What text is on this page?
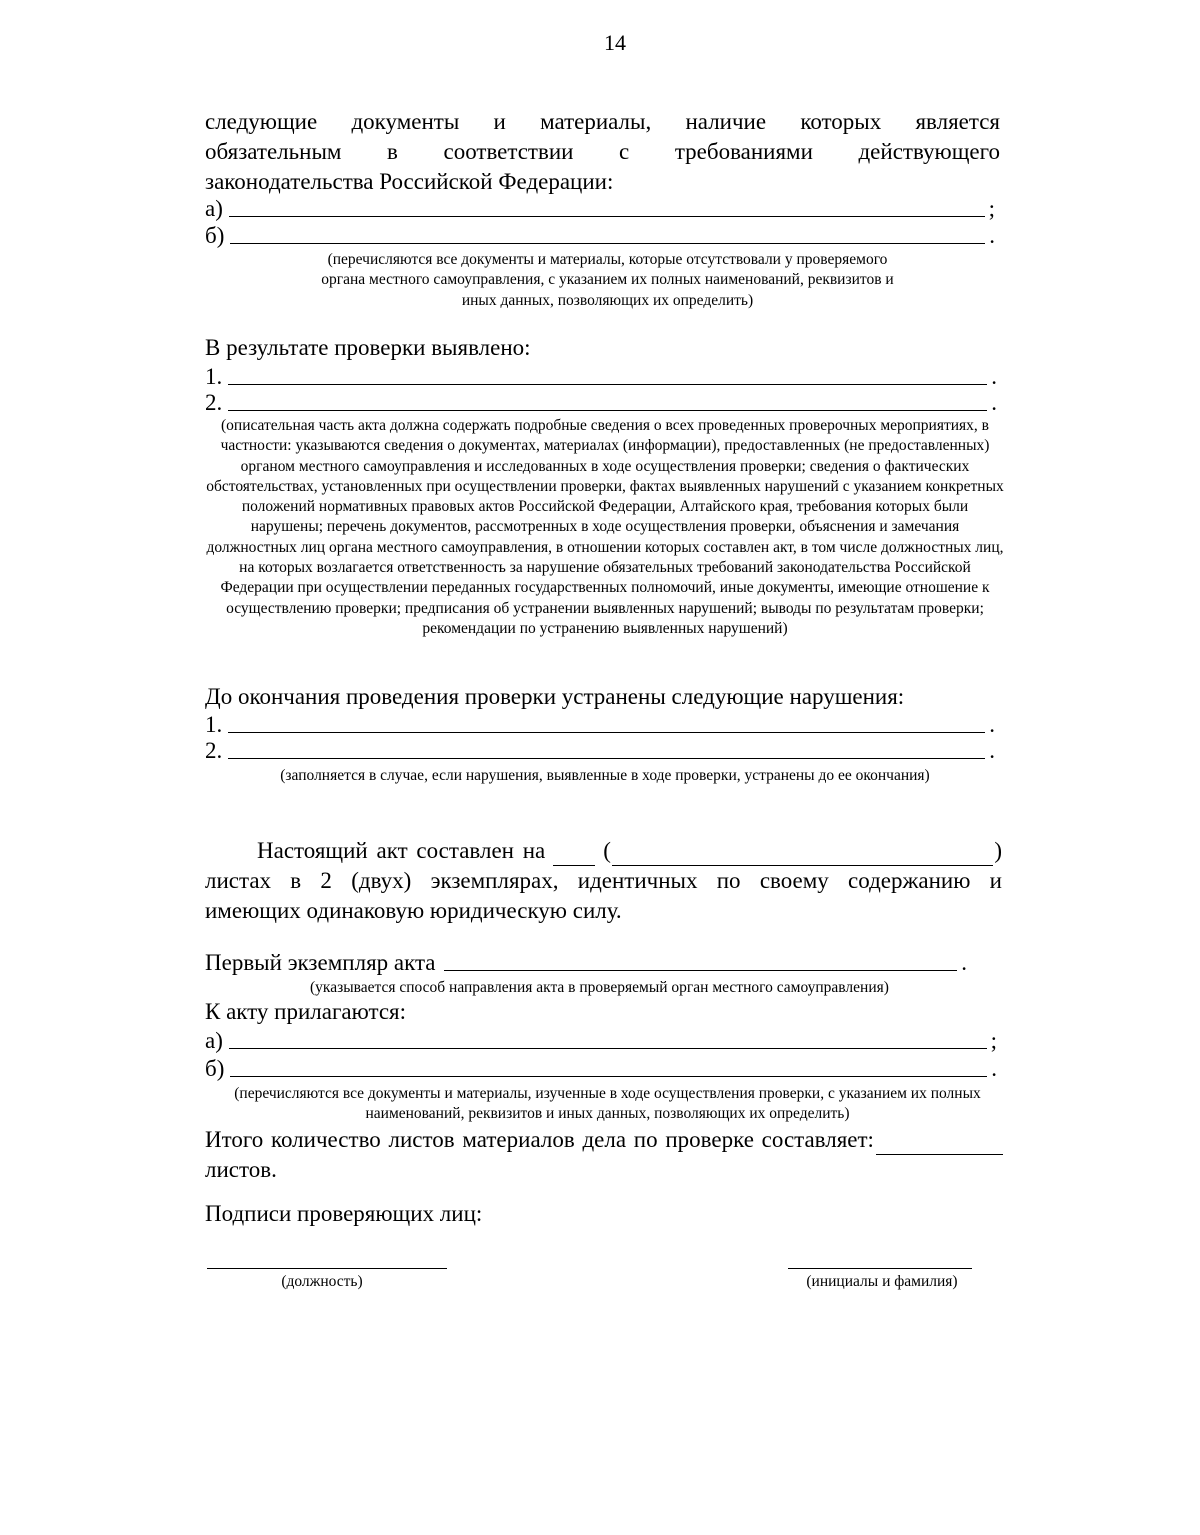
14
следующие документы и материалы, наличие которых является
обязательным в соответствии с требованиями действующего
законодательства Российской Федерации:
а)	;
б)	.
(перечисляются все документы и материалы, которые отсутствовали у проверяемого органа местного самоуправления, с указанием их полных наименований, реквизитов и иных данных, позволяющих их определить)
В результате проверки выявлено:
1.	.
2.	.
(описательная часть акта должна содержать подробные сведения о всех проведенных проверочных мероприятиях, в частности: указываются сведения о документах, материалах (информации), предоставленных (не предоставленных) органом местного самоуправления и исследованных в ходе осуществления проверки; сведения о фактических обстоятельствах, установленных при осуществлении проверки, фактах выявленных нарушений с указанием конкретных положений нормативных правовых актов Российской Федерации, Алтайского края, требования которых были нарушены; перечень документов, рассмотренных в ходе осуществления проверки, объяснения и замечания должностных лиц органа местного самоуправления, в отношении которых составлен акт, в том числе должностных лиц, на которых возлагается ответственность за нарушение обязательных требований законодательства Российской Федерации при осуществлении переданных государственных полномочий, иные документы, имеющие отношение к осуществлению проверки; предписания об устранении выявленных нарушений; выводы по результатам проверки; рекомендации по устранению выявленных нарушений)
До окончания проведения проверки устранены следующие нарушения:
1.	.
2.	.
(заполняется в случае, если нарушения, выявленные в ходе проверки, устранены до ее окончания)
Настоящий акт составлен на	(	)
листах в 2 (двух) экземплярах, идентичных по своему содержанию и
имеющих одинаковую юридическую силу.
Первый экземпляр акта	.
(указывается способ направления акта в проверяемый орган местного самоуправления)
К акту прилагаются:
а)	;
б)	.
(перечисляются все документы и материалы, изученные в ходе осуществления проверки, с указанием их полных наименований, реквизитов и иных данных, позволяющих их определить)
Итого количество листов материалов дела по проверке составляет:
листов.
Подписи проверяющих лиц:
(должность)	(инициалы и фамилия)
